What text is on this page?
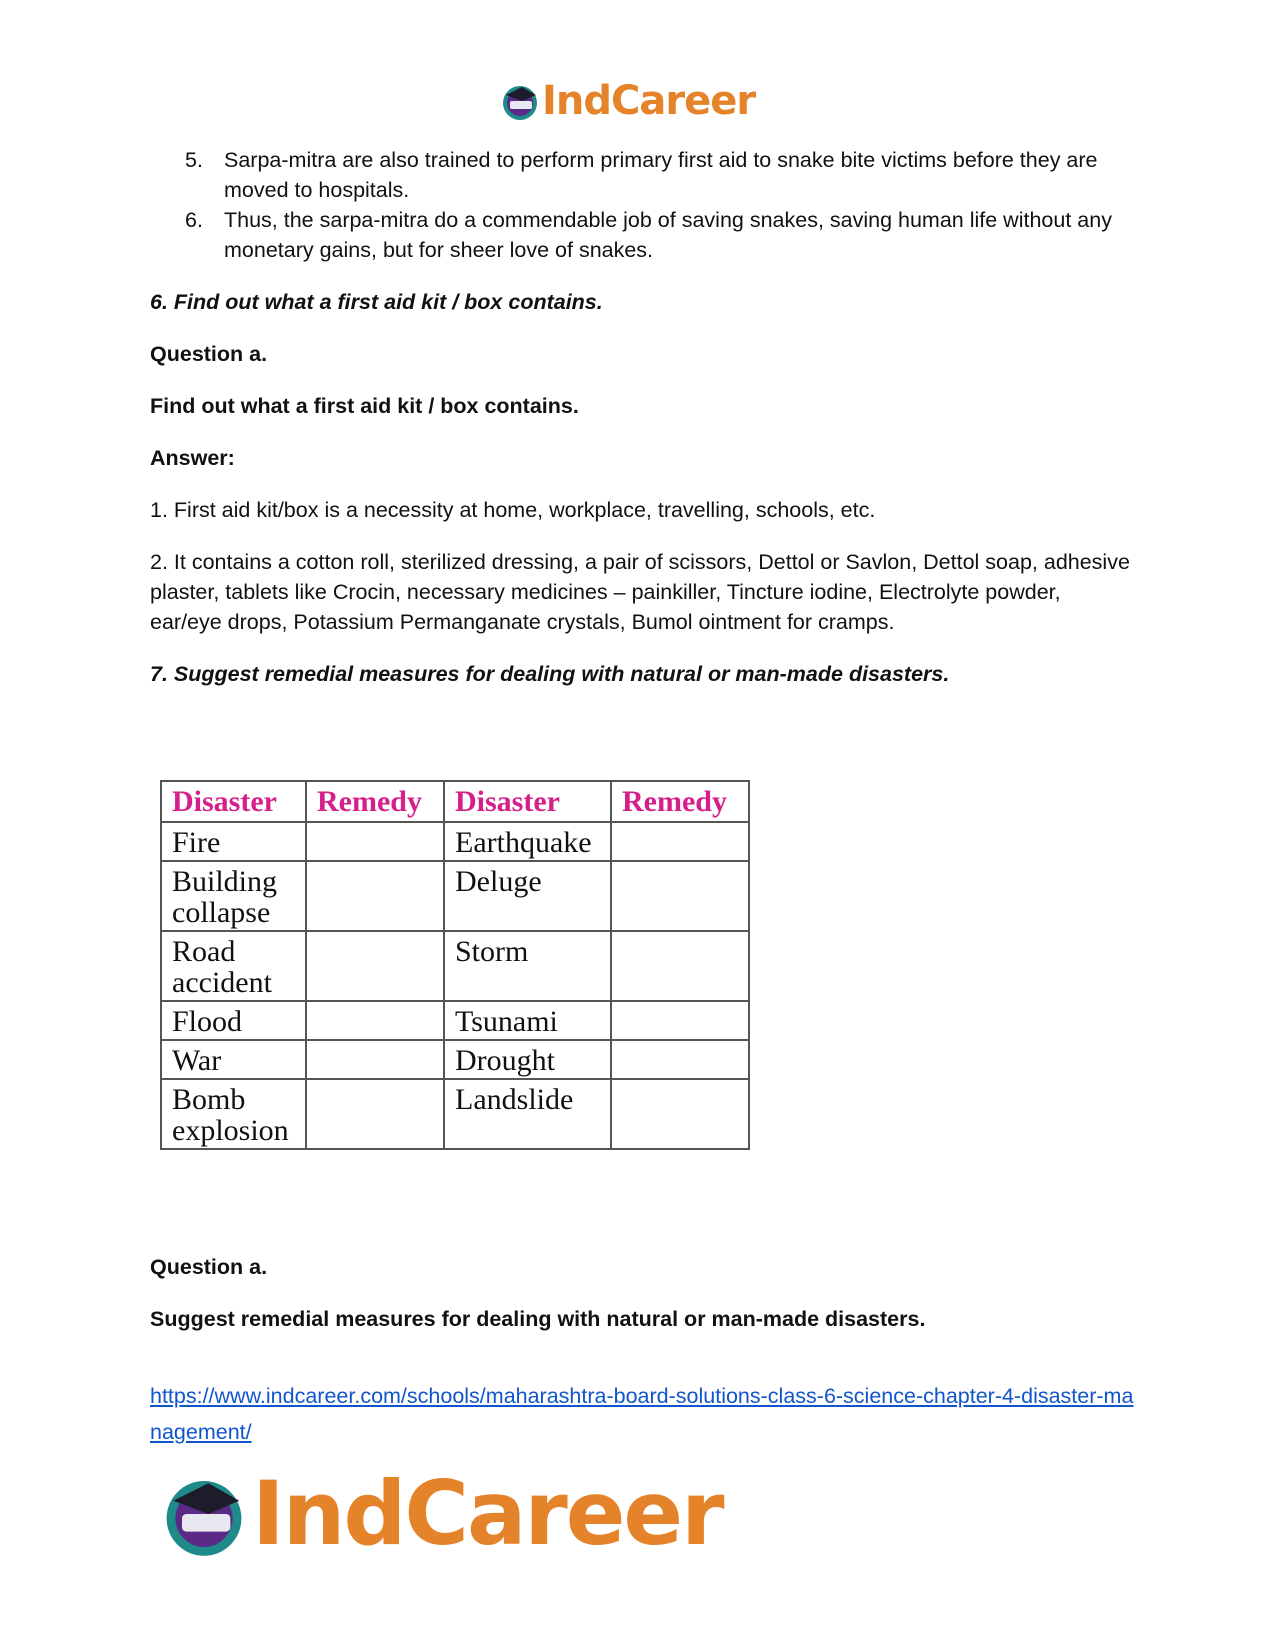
IndCareer
5. Sarpa-mitra are also trained to perform primary first aid to snake bite victims before they are moved to hospitals.
6. Thus, the sarpa-mitra do a commendable job of saving snakes, saving human life without any monetary gains, but for sheer love of snakes.

6. Find out what a first aid kit / box contains.

Question a.

Find out what a first aid kit / box contains.

Answer:

1. First aid kit/box is a necessity at home, workplace, travelling, schools, etc.

2. It contains a cotton roll, sterilized dressing, a pair of scissors, Dettol or Savlon, Dettol soap, adhesive plaster, tablets like Crocin, necessary medicines – painkiller, Tincture iodine, Electrolyte powder, ear/eye drops, Potassium Permanganate crystals, Bumol ointment for cramps.

7. Suggest remedial measures for dealing with natural or man-made disasters.

Disaster	Remedy	Disaster	Remedy
Fire		Earthquake	
Building collapse		Deluge	
Road accident		Storm	
Flood		Tsunami	
War		Drought	
Bomb explosion		Landslide	

Question a.

Suggest remedial measures for dealing with natural or man-made disasters.

https://www.indcareer.com/schools/maharashtra-board-solutions-class-6-science-chapter-4-disaster-management/
IndCareer
